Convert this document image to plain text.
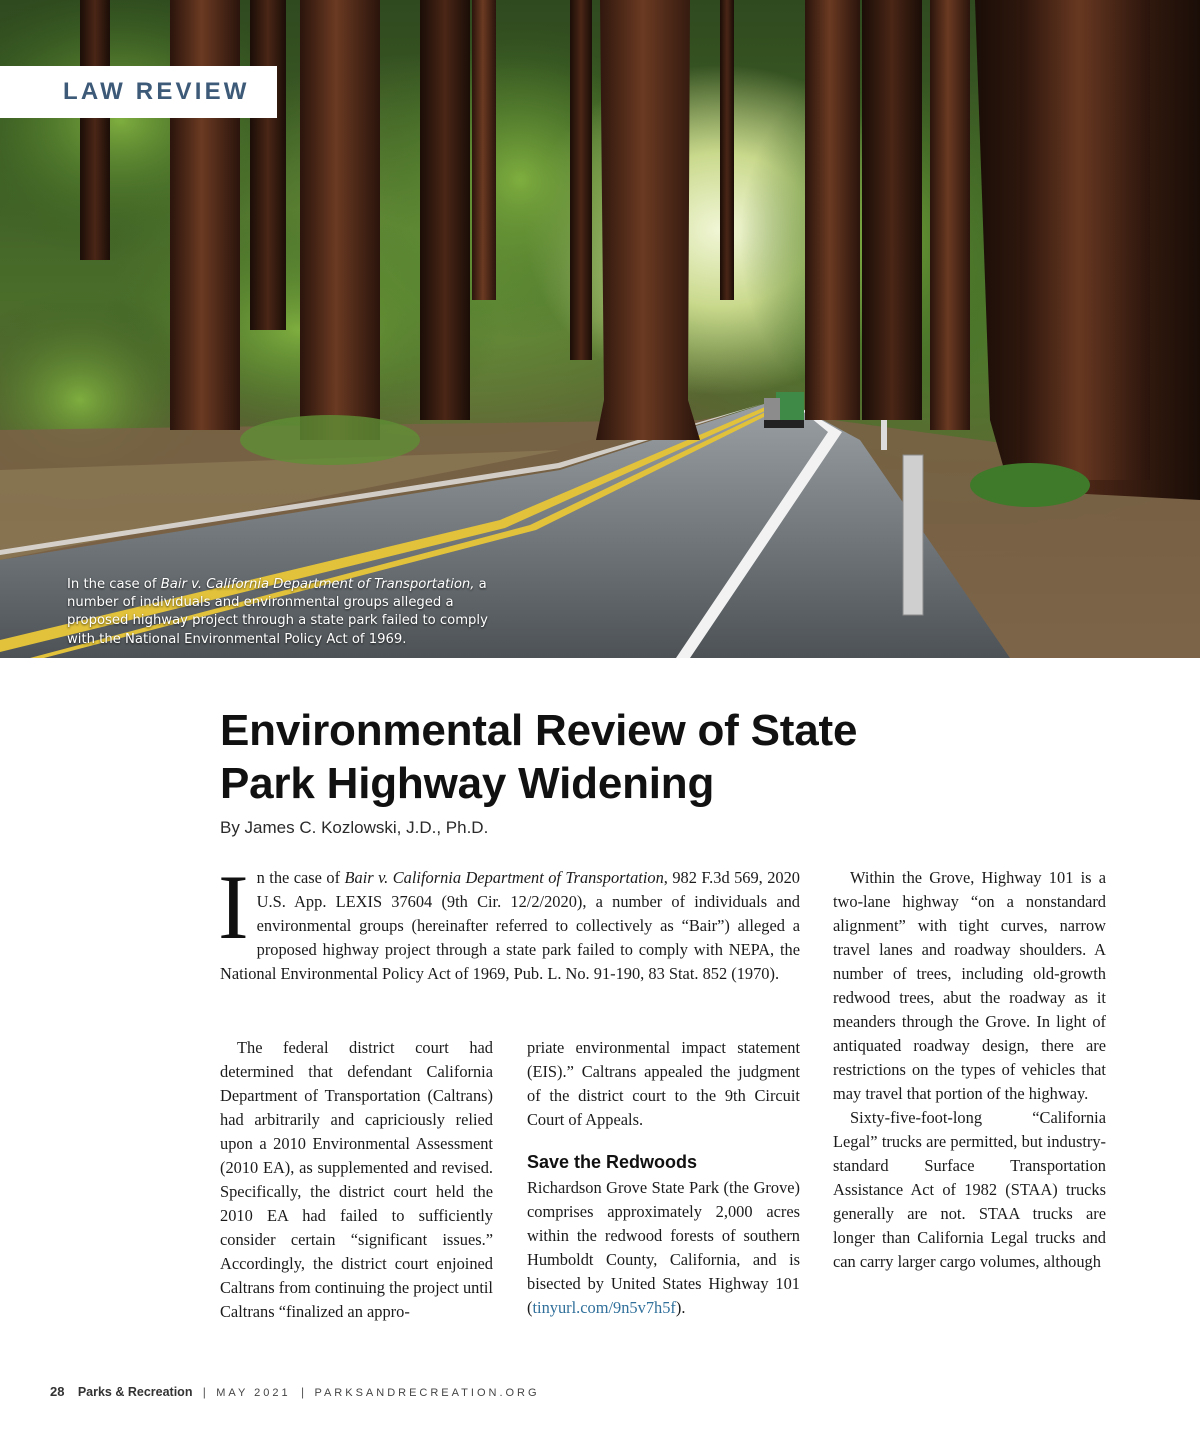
LAW REVIEW
In the case of Bair v. California Department of Transportation, a number of individuals and environmental groups alleged a proposed highway project through a state park failed to comply with the National Environmental Policy Act of 1969.
Environmental Review of State
Park Highway Widening
By James C. Kozlowski, J.D., Ph.D.

In the case of Bair v. California Department of Transportation, 982 F.3d 569, 2020 U.S. App. LEXIS 37604 (9th Cir. 12/2/2020), a number of individuals and environmental groups (hereinafter referred to collectively as “Bair”) alleged a proposed highway project through a state park failed to comply with NEPA, the National Environmental Policy Act of 1969, Pub. L. No. 91-190, 83 Stat. 852 (1970).

The federal district court had determined that defendant California Department of Transportation (Caltrans) had arbitrarily and capriciously relied upon a 2010 Environmental Assessment (2010 EA), as supplemented and revised. Specifically, the district court held the 2010 EA had failed to sufficiently consider certain “significant issues.” Accordingly, the district court enjoined Caltrans from continuing the project until Caltrans “finalized an appro-

priate environmental impact statement (EIS).” Caltrans appealed the judgment of the district court to the 9th Circuit Court of Appeals.

Save the Redwoods

Richardson Grove State Park (the Grove) comprises approximately 2,000 acres within the redwood forests of southern Humboldt County, California, and is bisected by United States Highway 101 (tinyurl.com/9n5v7h5f).

Within the Grove, Highway 101 is a two-lane highway “on a nonstandard alignment” with tight curves, narrow travel lanes and roadway shoulders. A number of trees, including old-growth redwood trees, abut the roadway as it meanders through the Grove. In light of antiquated roadway design, there are restrictions on the types of vehicles that may travel that portion of the highway.

Sixty-five-foot-long “California Legal” trucks are permitted, but industry-standard Surface Transportation Assistance Act of 1982 (STAA) trucks generally are not. STAA trucks are longer than California Legal trucks and can carry larger cargo volumes, although

28 Parks & Recreation | MAY 2021 | PARKSANDRECREATION.ORG
